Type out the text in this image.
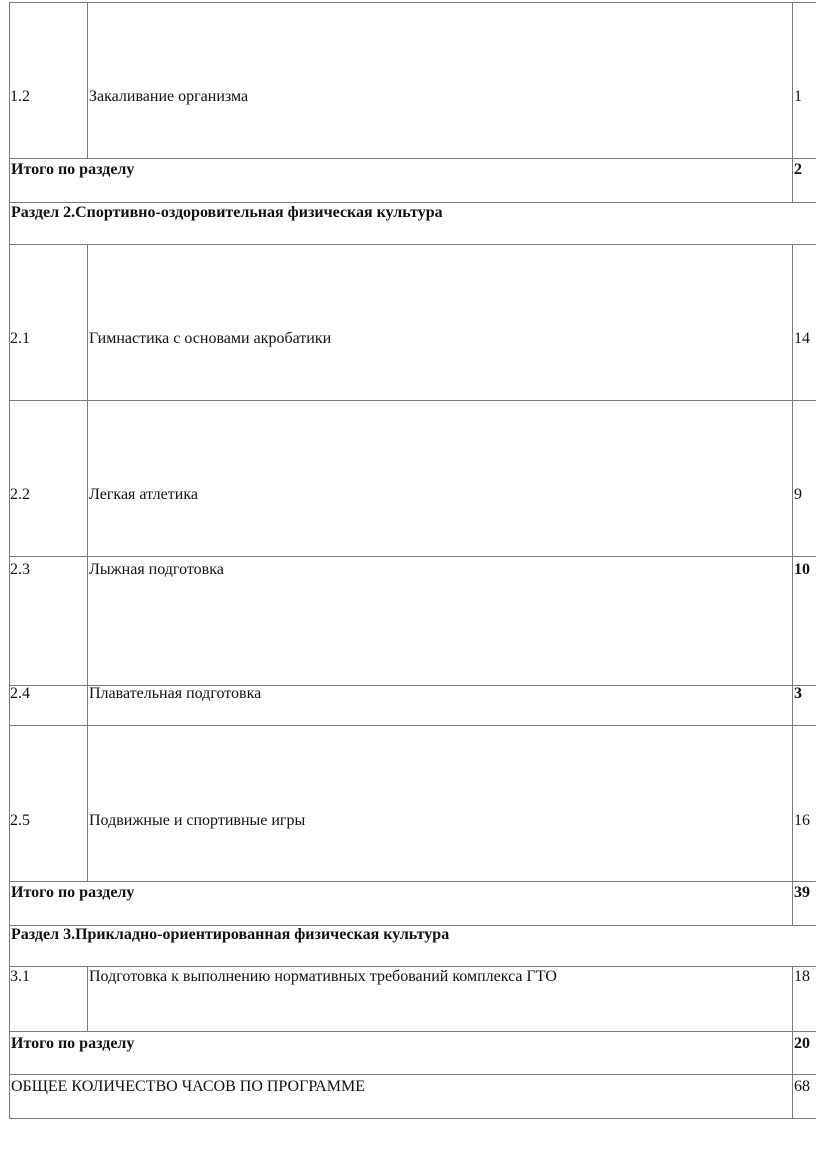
1.2	Закаливание организма	1
Итого по разделу	2
Раздел 2.Спортивно-оздоровительная физическая культура
2.1	Гимнастика с основами акробатики	14
2.2	Легкая атлетика	9
2.3	Лыжная подготовка	10
2.4	Плавательная подготовка	3
2.5	Подвижные и спортивные игры	16
Итого по разделу	39
Раздел 3.Прикладно-ориентированная физическая культура
3.1	Подготовка к выполнению нормативных требований комплекса ГТО	18
Итого по разделу	20
ОБЩЕЕ КОЛИЧЕСТВО ЧАСОВ ПО ПРОГРАММЕ	68
